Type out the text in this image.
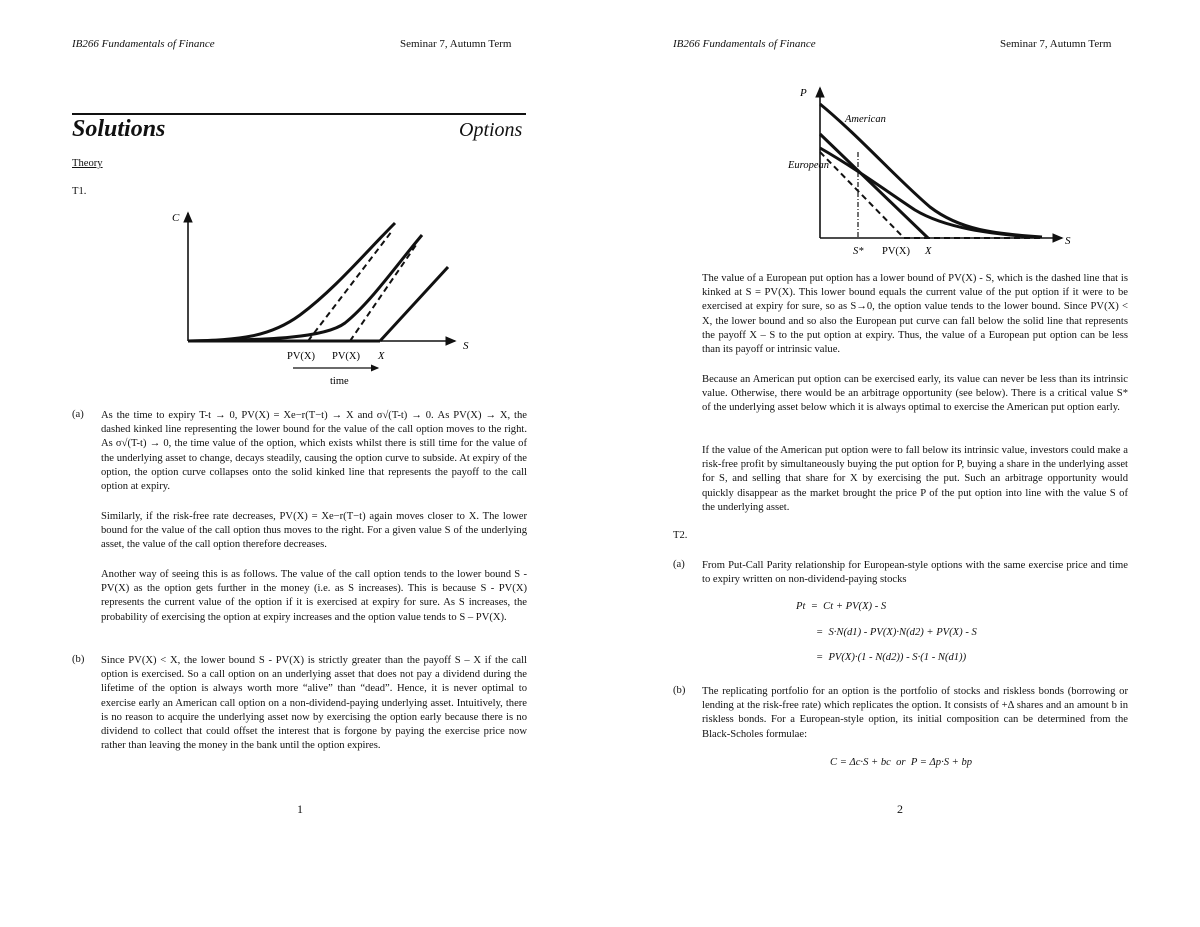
IB266 Fundamentals of Finance	Seminar 7, Autumn Term
Solutions	Options
Theory
T1.
C
S
PV(X) PV(X) X
time
(a) As the time to expiry T-t → 0, PV(X) = Xe−r(T−t) → X and σ√(T-t) → 0. As PV(X) → X, the dashed kinked line representing the lower bound for the value of the call option moves to the right. As σ√(T-t) → 0, the time value of the option, which exists whilst there is still time for the value of the underlying asset to change, decays steadily, causing the option curve to subside. At expiry of the option, the option curve collapses onto the solid kinked line that represents the payoff to the call option at expiry.
Similarly, if the risk-free rate decreases, PV(X) = Xe−r(T−t) again moves closer to X. The lower bound for the value of the call option thus moves to the right. For a given value S of the underlying asset, the value of the call option therefore decreases.
Another way of seeing this is as follows. The value of the call option tends to the lower bound S - PV(X) as the option gets further in the money (i.e. as S increases). This is because S - PV(X) represents the current value of the option if it is exercised at expiry for sure. As S increases, the probability of exercising the option at expiry increases and the option value tends to S – PV(X).
(b) Since PV(X) < X, the lower bound S - PV(X) is strictly greater than the payoff S – X if the call option is exercised. So a call option on an underlying asset that does not pay a dividend during the lifetime of the option is always worth more “alive” than “dead”. Hence, it is never optimal to exercise early an American call option on a non-dividend-paying underlying asset. Intuitively, there is no reason to acquire the underlying asset now by exercising the option early because there is no dividend to collect that could offset the interest that is forgone by paying the exercise price now rather than leaving the money in the bank until the option expires.
1
IB266 Fundamentals of Finance	Seminar 7, Autumn Term
P
S
American
European
S* PV(X) X
The value of a European put option has a lower bound of PV(X) - S, which is the dashed line that is kinked at S = PV(X). This lower bound equals the current value of the put option if it were to be exercised at expiry for sure, so as S→0, the option value tends to the lower bound. Since PV(X) < X, the lower bound and so also the European put curve can fall below the solid line that represents the payoff X – S to the put option at expiry. Thus, the value of a European put option can be less than its payoff or intrinsic value.
Because an American put option can be exercised early, its value can never be less than its intrinsic value. Otherwise, there would be an arbitrage opportunity (see below). There is a critical value S* of the underlying asset below which it is always optimal to exercise the American put option early.
If the value of the American put option were to fall below its intrinsic value, investors could make a risk-free profit by simultaneously buying the put option for P, buying a share in the underlying asset for S, and selling that share for X by exercising the put. Such an arbitrage opportunity would quickly disappear as the market brought the price P of the put option into line with the value S of the underlying asset.
T2.
(a) From Put-Call Parity relationship for European-style options with the same exercise price and time to expiry written on non-dividend-paying stocks
Pt  =  Ct + PV(X) - S
=  S·N(d1) - PV(X)·N(d2) + PV(X) - S
=  PV(X)·(1 - N(d2)) - S·(1 - N(d1))
(b) The replicating portfolio for an option is the portfolio of stocks and riskless bonds (borrowing or lending at the risk-free rate) which replicates the option. It consists of +Δ shares and an amount b in riskless bonds. For a European-style option, its initial composition can be determined from the Black-Scholes formulae:
C = Δc·S + bc  or  P = Δp·S + bp
2
